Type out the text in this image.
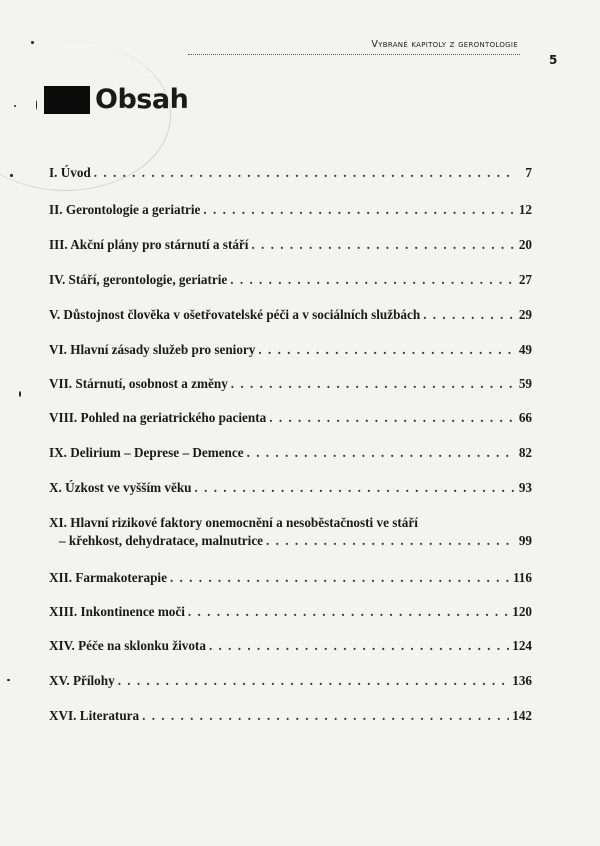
Vybrané kapitoly z gerontologie
5
Obsah
I. Úvod . . .	7
II. Gerontologie a geriatrie . . .	12
III. Akční plány pro stárnutí a stáří . . .	20
IV. Stáří, gerontologie, geriatrie . . .	27
V. Důstojnost člověka v ošetřovatelské péči a v sociálních službách . . .	29
VI. Hlavní zásady služeb pro seniory . . .	49
VII. Stárnutí, osobnost a změny . . .	59
VIII. Pohled na geriatrického pacienta . . .	66
IX. Delirium – Deprese – Demence . . .	82
X. Úzkost ve vyšším věku . . .	93
XI. Hlavní rizikové faktory onemocnění a nesoběstačnosti ve stáří
– křehkost, dehydratace, malnutrice . . .	99
XII. Farmakoterapie . . .	116
XIII. Inkontinence moči . . .	120
XIV. Péče na sklonku života . . .	124
XV. Přílohy . . .	136
XVI. Literatura . . .	142
